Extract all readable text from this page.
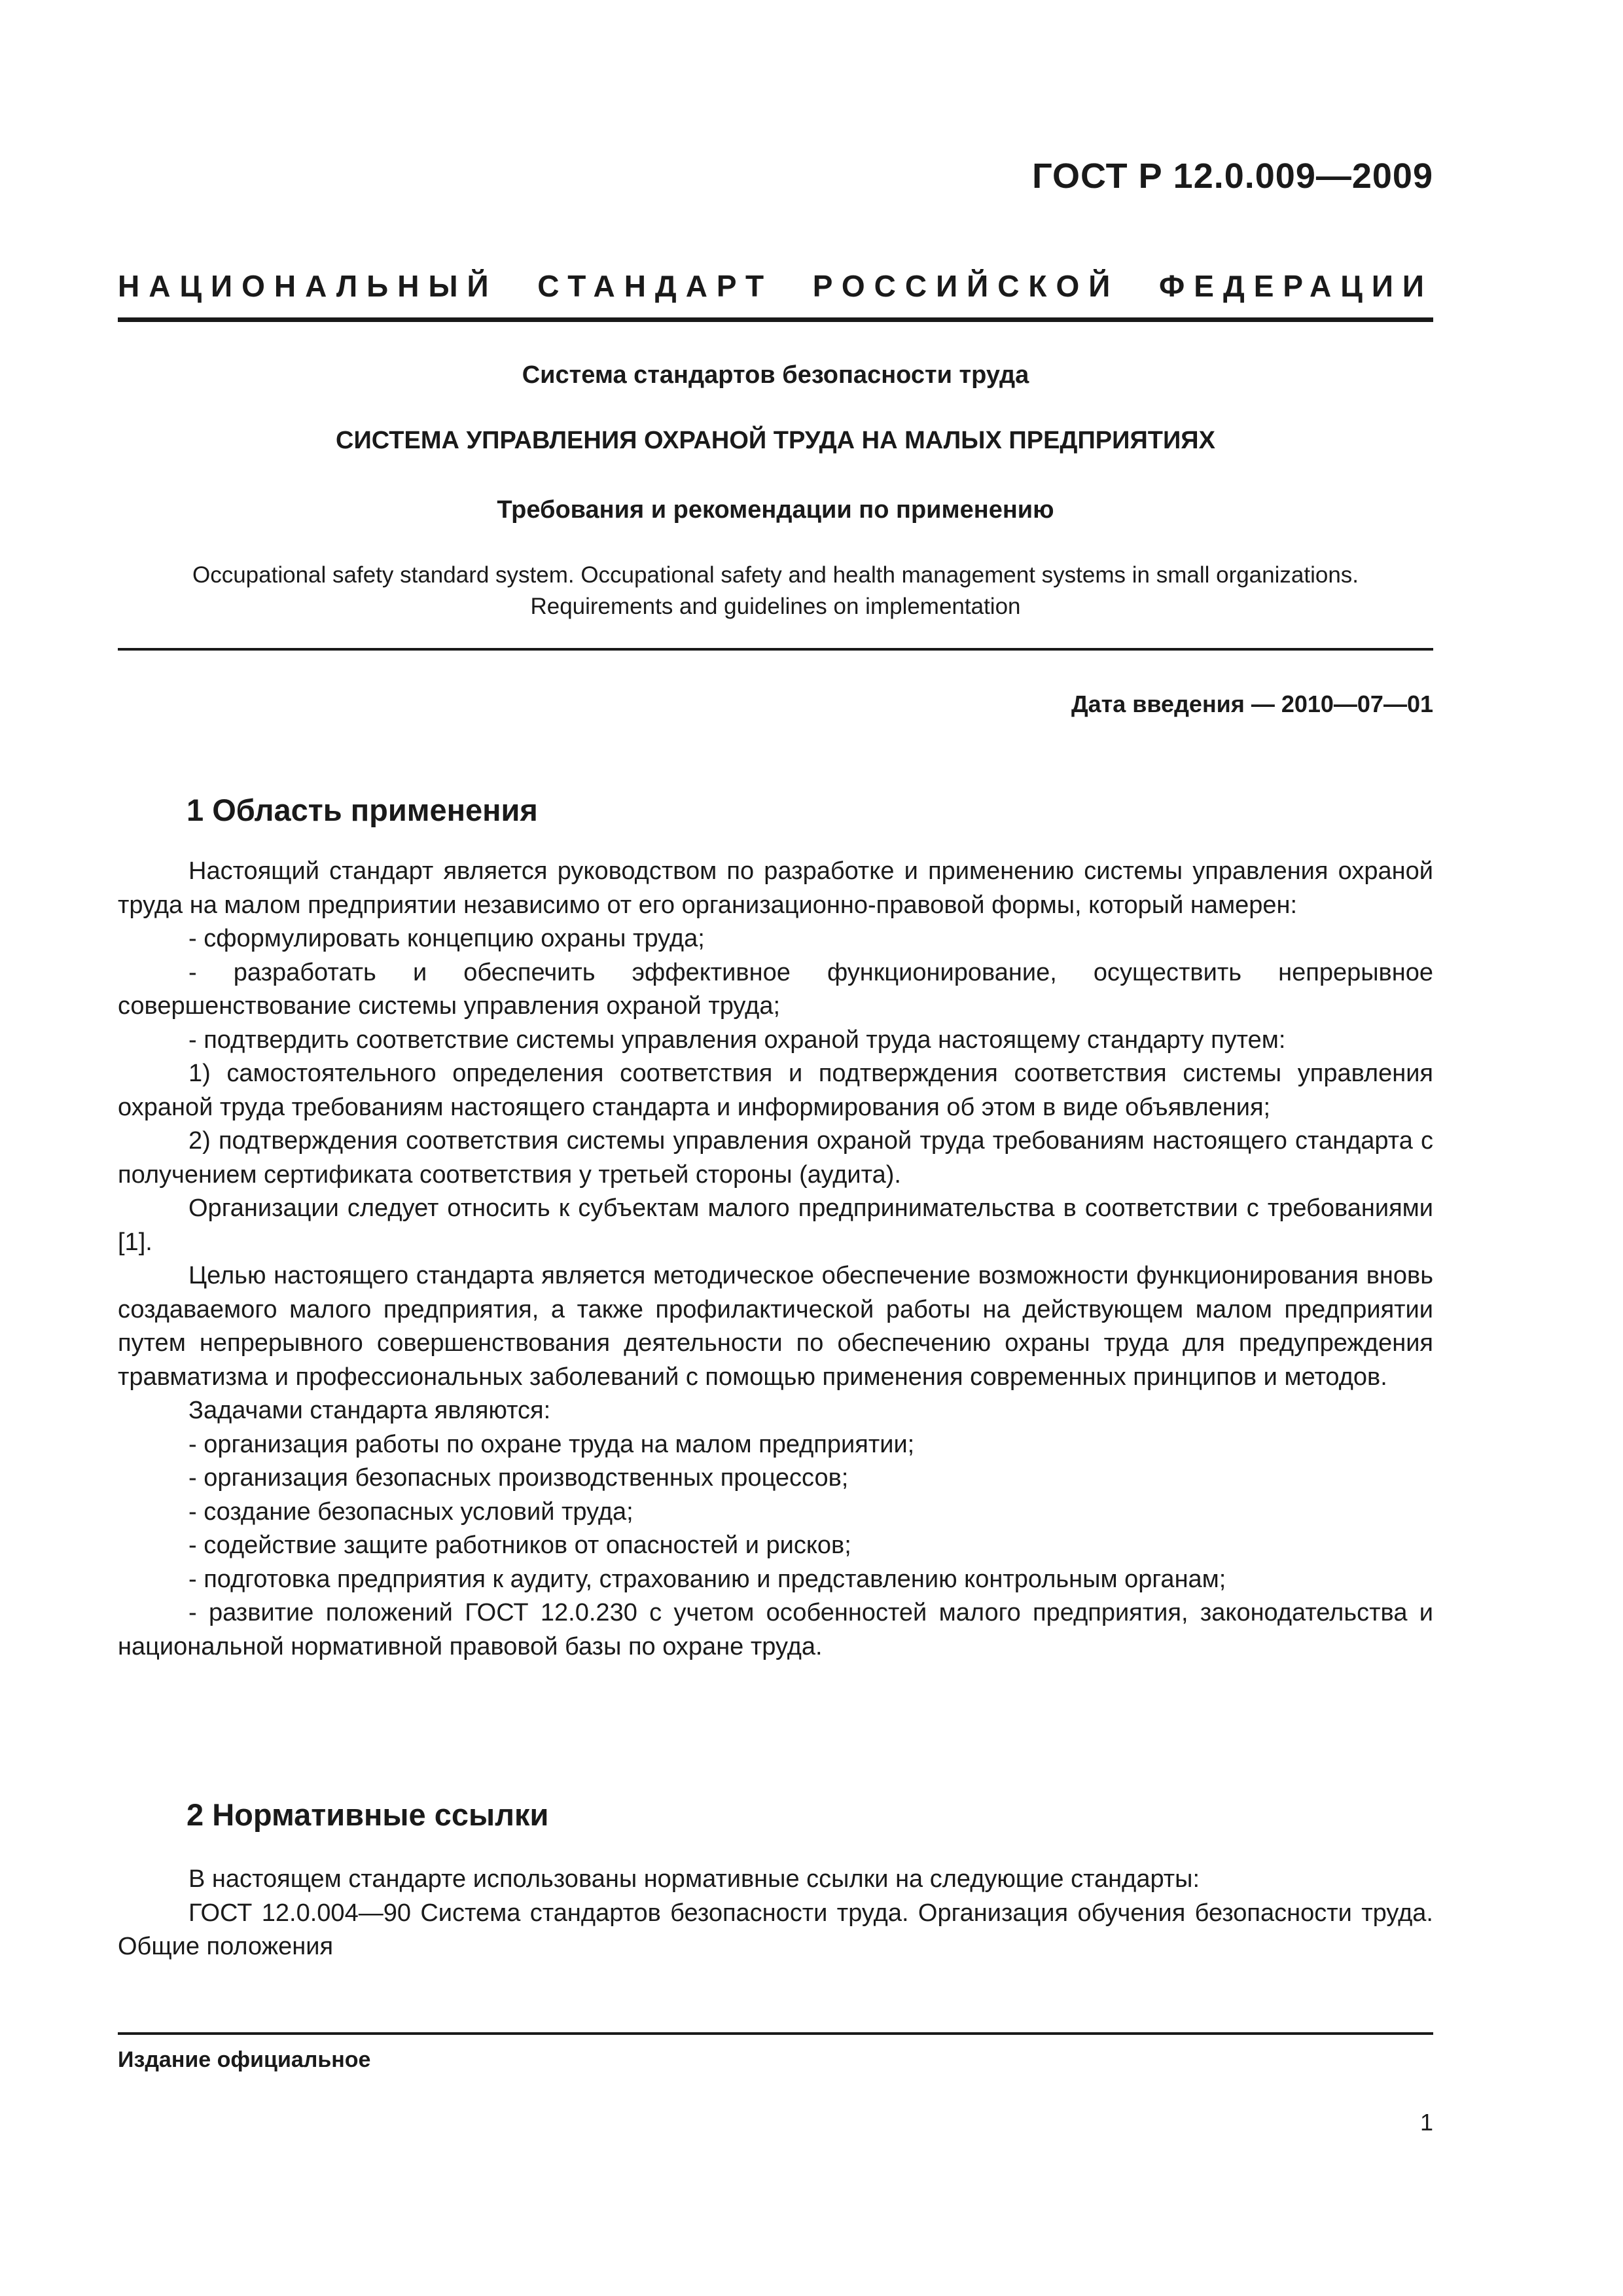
ГОСТ Р 12.0.009—2009
НАЦИОНАЛЬНЫЙ СТАНДАРТ РОССИЙСКОЙ ФЕДЕРАЦИИ
Система стандартов безопасности труда
СИСТЕМА УПРАВЛЕНИЯ ОХРАНОЙ ТРУДА НА МАЛЫХ ПРЕДПРИЯТИЯХ
Требования и рекомендации по применению
Occupational safety standard system. Occupational safety and health management systems in small organizations.
Requirements and guidelines on implementation
Дата введения — 2010—07—01
1 Область применения

Настоящий стандарт является руководством по разработке и применению системы управления охраной труда на малом предприятии независимо от его организационно-правовой формы, который намерен:

- сформулировать концепцию охраны труда;

- разработать и обеспечить эффективное функционирование, осуществить непрерывное совершенствование системы управления охраной труда;

- подтвердить соответствие системы управления охраной труда настоящему стандарту путем:

1) самостоятельного определения соответствия и подтверждения соответствия системы управления охраной труда требованиям настоящего стандарта и информирования об этом в виде объявления;

2) подтверждения соответствия системы управления охраной труда требованиям настоящего стандарта с получением сертификата соответствия у третьей стороны (аудита).

Организации следует относить к субъектам малого предпринимательства в соответствии с требованиями [1].

Целью настоящего стандарта является методическое обеспечение возможности функционирования вновь создаваемого малого предприятия, а также профилактической работы на действующем малом предприятии путем непрерывного совершенствования деятельности по обеспечению охраны труда для предупреждения травматизма и профессиональных заболеваний с помощью применения современных принципов и методов.

Задачами стандарта являются:

- организация работы по охране труда на малом предприятии;

- организация безопасных производственных процессов;

- создание безопасных условий труда;

- содействие защите работников от опасностей и рисков;

- подготовка предприятия к аудиту, страхованию и представлению контрольным органам;

- развитие положений ГОСТ 12.0.230 с учетом особенностей малого предприятия, законодательства и национальной нормативной правовой базы по охране труда.

2 Нормативные ссылки

В настоящем стандарте использованы нормативные ссылки на следующие стандарты:

ГОСТ 12.0.004—90 Система стандартов безопасности труда. Организация обучения безопасности труда. Общие положения

Издание официальное
1
